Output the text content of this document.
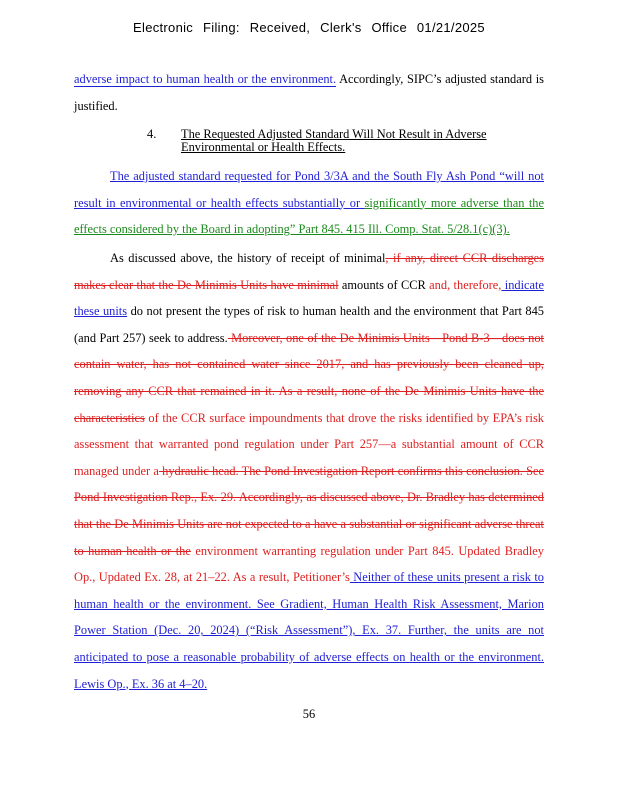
Electronic Filing: Received, Clerk's Office 01/21/2025

adverse impact to human health or the environment. Accordingly, SIPC’s adjusted standard is justified.

4. The Requested Adjusted Standard Will Not Result in Adverse Environmental or Health Effects.
The adjusted standard requested for Pond 3/3A and the South Fly Ash Pond “will not result in environmental or health effects substantially or significantly more adverse than the effects considered by the Board in adopting” Part 845. 415 Ill. Comp. Stat. 5/28.1(c)(3).
As discussed above, the history of receipt of minimal, if any, direct CCR discharges makes clear that the De Minimis Units have minimal amounts of CCR and, therefore, indicate these units do not present the types of risk to human health and the environment that Part 845 (and Part 257) seek to address. Moreover, one of the De Minimis Units—Pond B-3—does not contain water, has not contained water since 2017, and has previously been cleaned up, removing any CCR that remained in it. As a result, none of the De Minimis Units have the characteristics of the CCR surface impoundments that drove the risks identified by EPA’s risk assessment that warranted pond regulation under Part 257—a substantial amount of CCR managed under a hydraulic head. The Pond Investigation Report confirms this conclusion. See Pond Investigation Rep., Ex. 29. Accordingly, as discussed above, Dr. Bradley has determined that the De Minimis Units are not expected to a have a substantial or significant adverse threat to human health or the environment warranting regulation under Part 845. Updated Bradley Op., Updated Ex. 28, at 21–22. As a result, Petitioner’s Neither of these units present a risk to human health or the environment. See Gradient, Human Health Risk Assessment, Marion Power Station (Dec. 20, 2024) (“Risk Assessment”), Ex. 37. Further, the units are not anticipated to pose a reasonable probability of adverse effects on health or the environment. Lewis Op., Ex. 36 at 4–20.
56
